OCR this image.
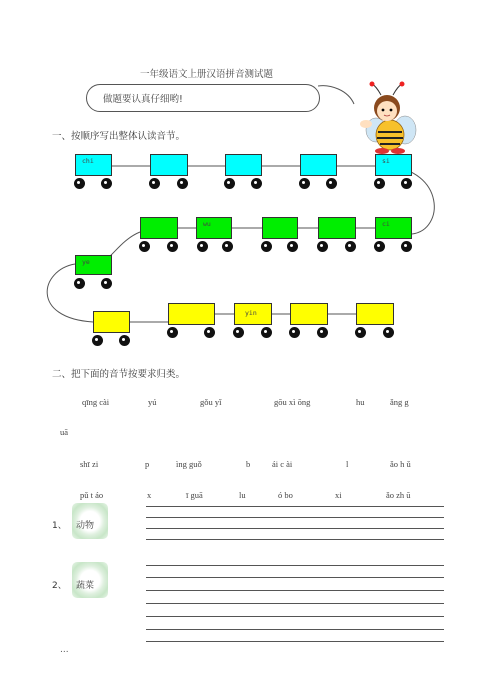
一年级语文上册汉语拼音测试题
做题要认真仔细哟!
一、按顺序写出整体认读音节。
chi	si
wu	ci
ye
yin
二、把下面的音节按要求归类。
qīng cài	yú	gǒu yǐ	gōu xì ōng	hu	ǎng g
uā
shī zi	p	ìng guǒ	b	ái c ài	l	ǎo h ǔ
pǔ t áo	x	ī guā	lu	ó bo	xi	ǎo zh ū
1、 动物
2、 蔬菜
...
